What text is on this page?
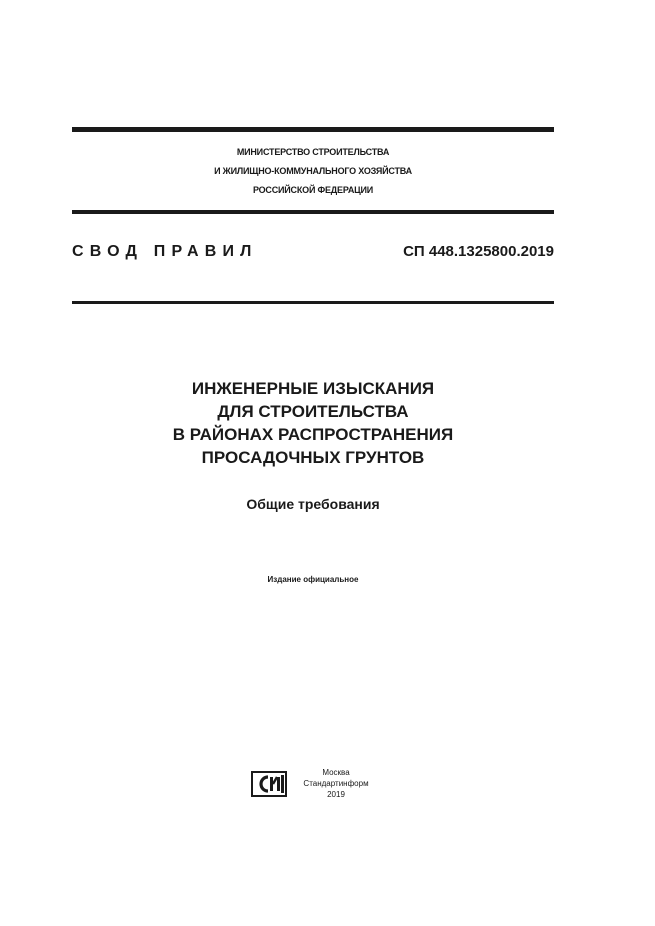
МИНИСТЕРСТВО СТРОИТЕЛЬСТВА
И ЖИЛИЩНО-КОММУНАЛЬНОГО ХОЗЯЙСТВА
РОССИЙСКОЙ ФЕДЕРАЦИИ
СВОД ПРАВИЛ	СП 448.1325800.2019
ИНЖЕНЕРНЫЕ ИЗЫСКАНИЯ
ДЛЯ СТРОИТЕЛЬСТВА
В РАЙОНАХ РАСПРОСТРАНЕНИЯ
ПРОСАДОЧНЫХ ГРУНТОВ
Общие требования
Издание официальное
Москва
Стандартинформ
2019
